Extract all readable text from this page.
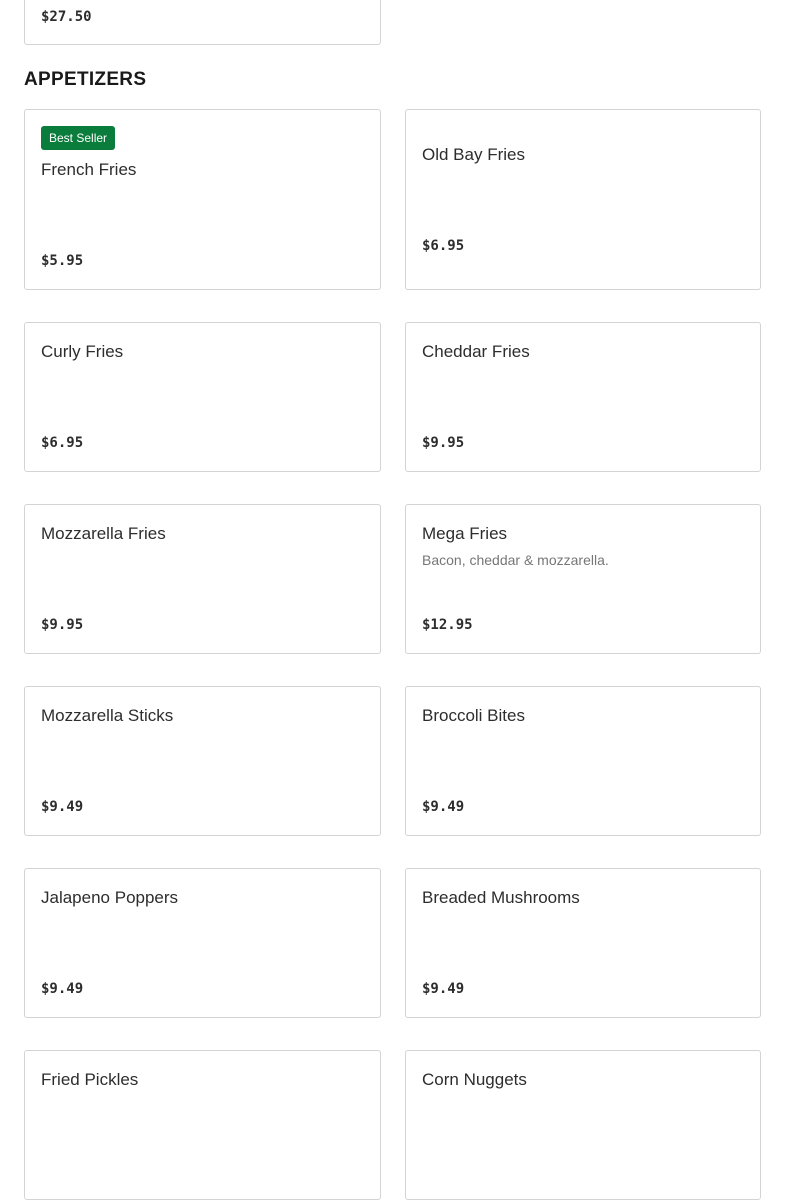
$27.50
APPETIZERS
Best Seller
French Fries
$5.95
Old Bay Fries
$6.95
Curly Fries
$6.95
Cheddar Fries
$9.95
Mozzarella Fries
$9.95
Mega Fries
Bacon, cheddar & mozzarella.
$12.95
Mozzarella Sticks
$9.49
Broccoli Bites
$9.49
Jalapeno Poppers
$9.49
Breaded Mushrooms
$9.49
Fried Pickles	Corn Nuggets
